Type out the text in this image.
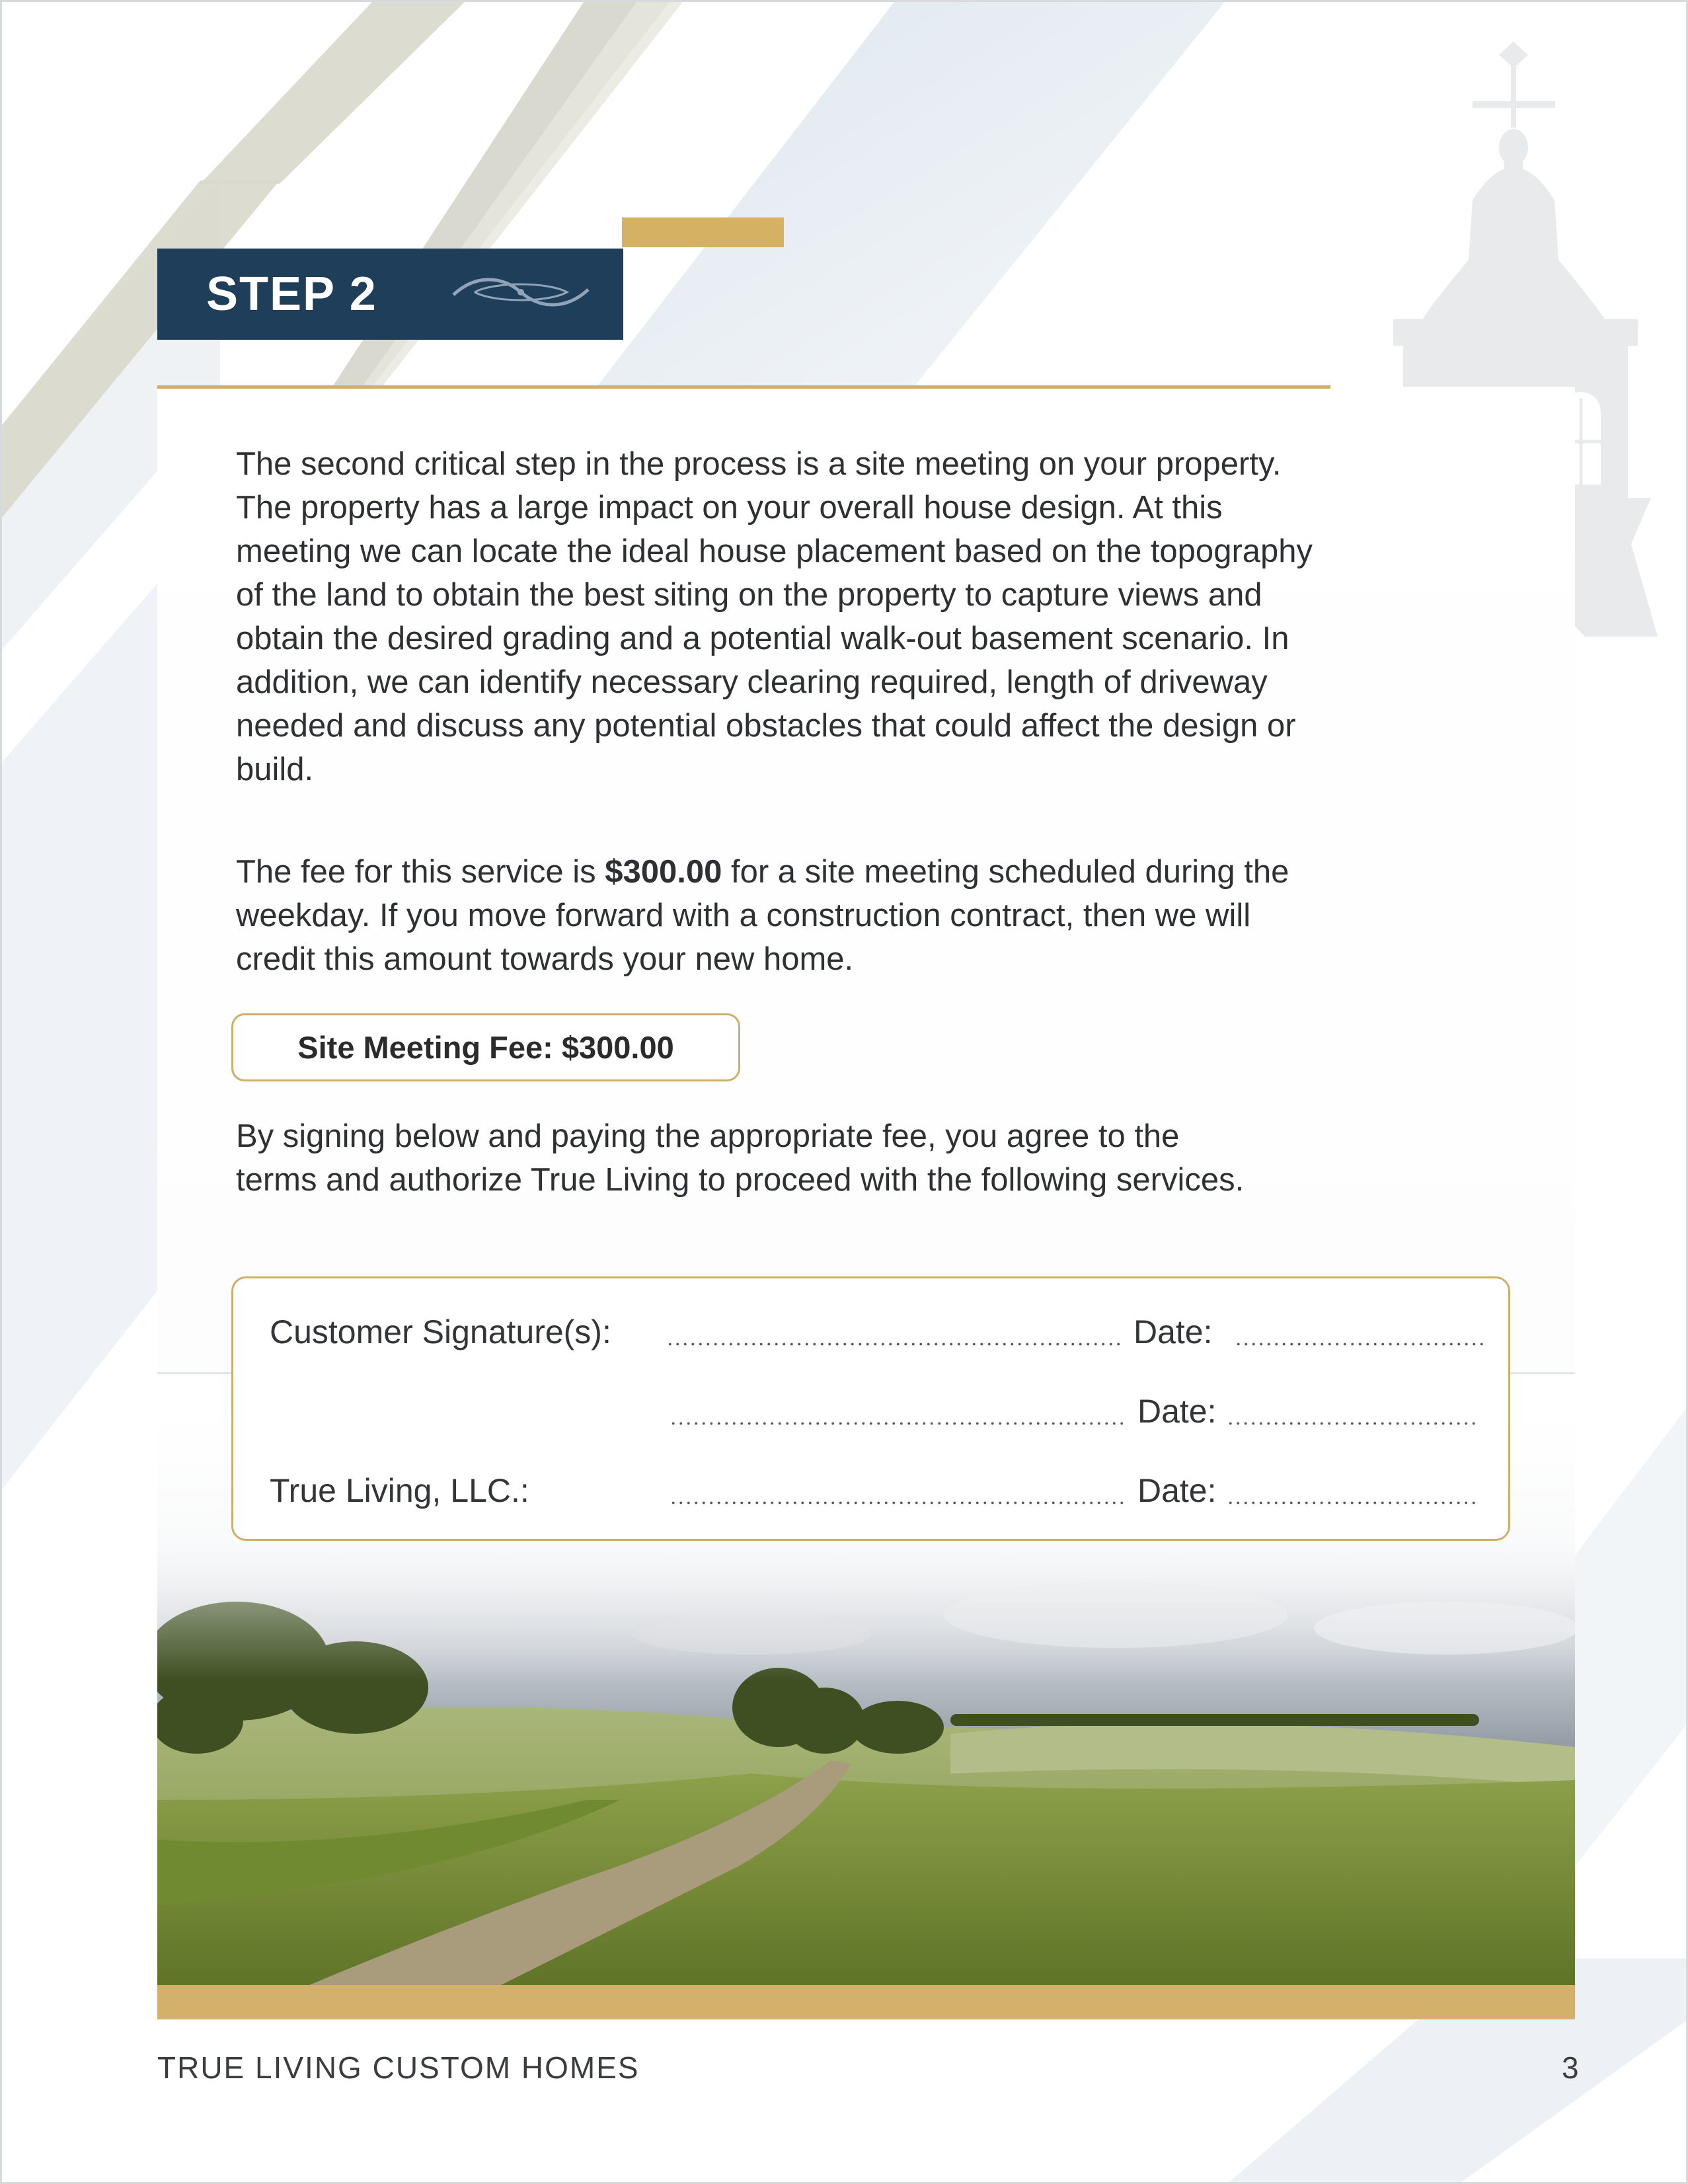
STEP 2

The second critical step in the process is a site meeting on your property. The property has a large impact on your overall house design. At this meeting we can locate the ideal house placement based on the topography of the land to obtain the best siting on the property to capture views and obtain the desired grading and a potential walk-out basement scenario. In addition, we can identify necessary clearing required, length of driveway needed and discuss any potential obstacles that could affect the design or build.

The fee for this service is $300.00 for a site meeting scheduled during the weekday. If you move forward with a construction contract, then we will credit this amount towards your new home.

Site Meeting Fee: $300.00

By signing below and paying the appropriate fee, you agree to the terms and authorize True Living to proceed with the following services.

Customer Signature(s):	Date:
Date:
True Living, LLC.:	Date:
TRUE LIVING CUSTOM HOMES	3
